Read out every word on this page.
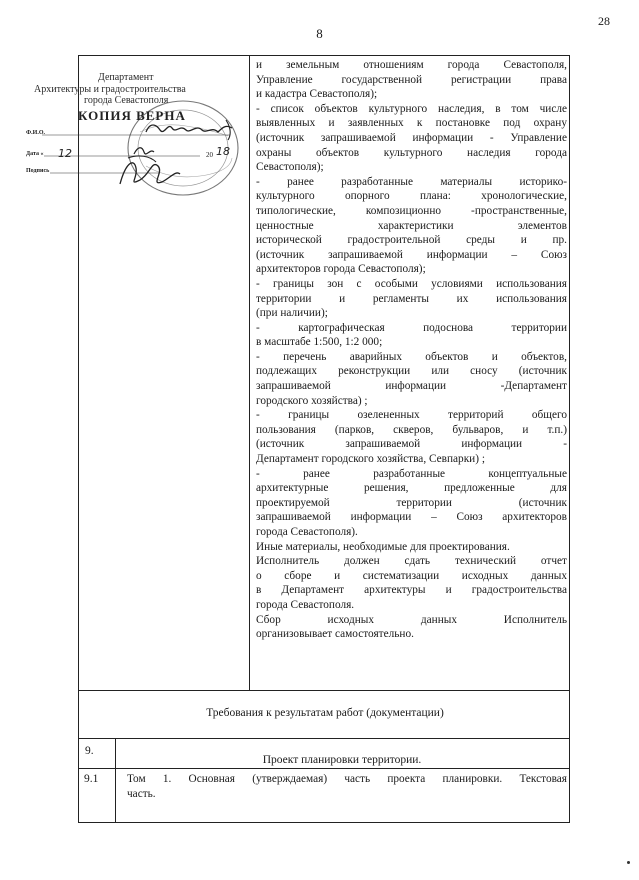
28
8
Департамент
Архитектуры и градостроительства
города Севастополя
КОПИЯ ВЕРНА
Ф.И.О.
Дата « 12	20 18
Подпись
и земельным отношениям города Севастополя,
Управление государственной регистрации права
и кадастра Севастополя);
- список объектов культурного наследия, в том числе
выявленных и заявленных к постановке под охрану
(источник запрашиваемой информации - Управление
охраны объектов культурного наследия города
Севастополя);
- ранее разработанные материалы историко-
культурного опорного плана: хронологические,
типологические, композиционно -пространственные,
ценностные характеристики элементов
исторической градостроительной среды и пр.
(источник запрашиваемой информации – Союз
архитекторов города Севастополя);
- границы зон с особыми условиями использования
территории и регламенты их использования
(при наличии);
- картографическая подоснова территории
в масштабе 1:500, 1:2 000;
- перечень аварийных объектов и объектов,
подлежащих реконструкции или сносу (источник
запрашиваемой информации -Департамент
городского хозяйства) ;
- границы озелененных территорий общего
пользования (парков, скверов, бульваров, и т.п.)
(источник запрашиваемой информации -
Департамент городского хозяйства, Севпарки) ;
- ранее разработанные концептуальные
архитектурные решения, предложенные для
проектируемой территории (источник
запрашиваемой информации – Союз архитекторов
города Севастополя).
Иные материалы, необходимые для проектирования.
Исполнитель должен сдать технический отчет
о сборе и систематизации исходных данных
в Департамент архитектуры и градостроительства
города Севастополя.
Сбор исходных данных Исполнитель
организовывает самостоятельно.
Требования к результатам работ (документации)
9.
Проект планировки территории.
9.1	Том 1. Основная (утверждаемая) часть проекта планировки. Текстовая
часть.
